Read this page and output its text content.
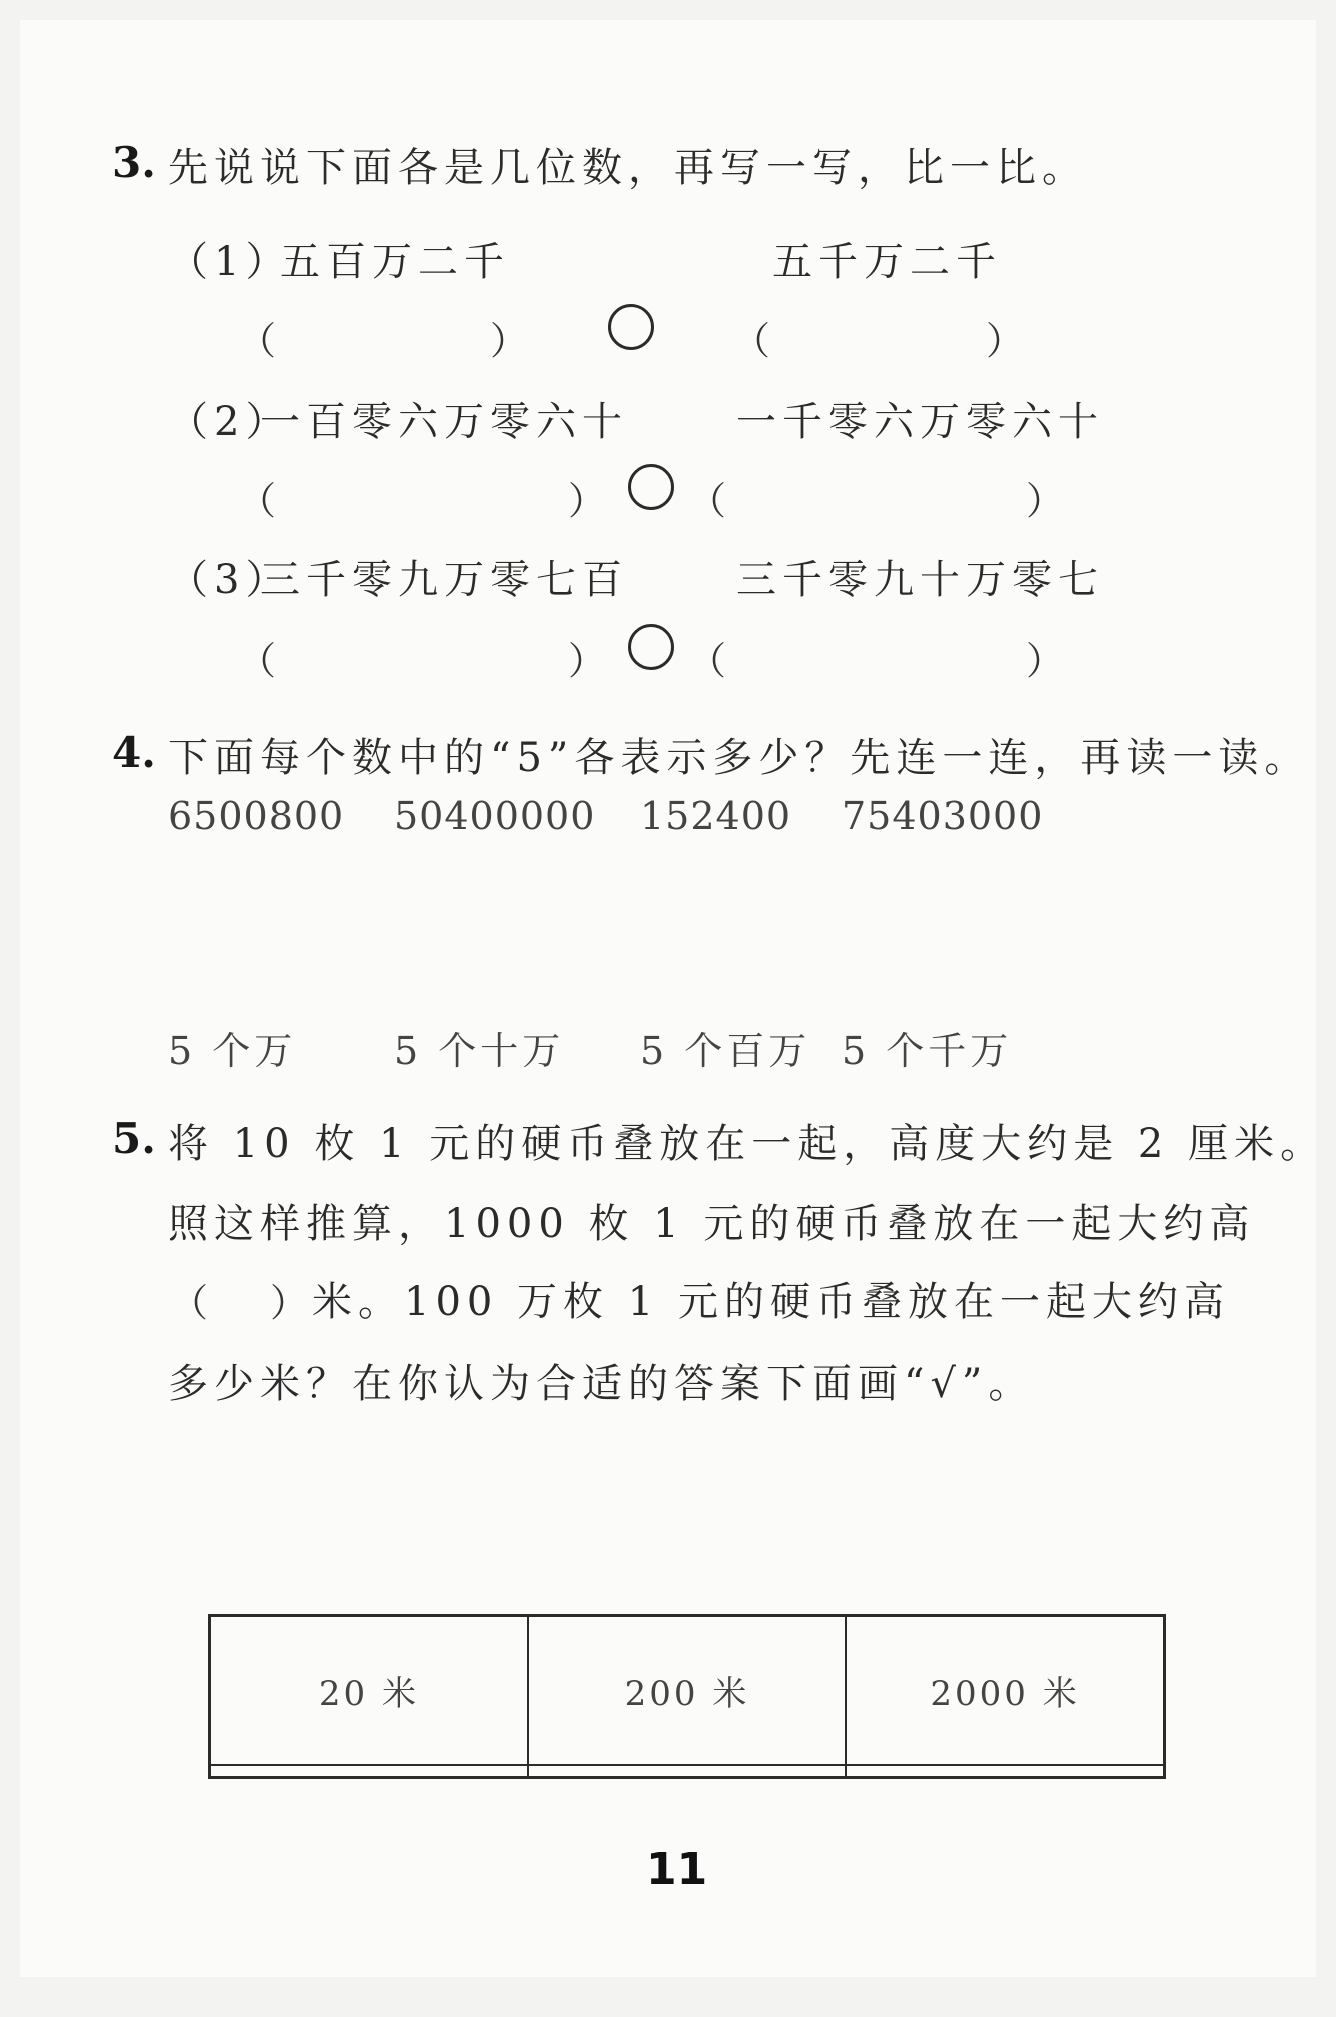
3. 先说说下面各是几位数，再写一写，比一比。
（1）
五百万二千	五千万二千
（	）	（	）
（2）
一百零六万零六十	一千零六万零六十
（	） （	）
（3）
三千零九万零七百	三千零九十万零七
（	） （	）
4. 下面每个数中的“5”各表示多少？先连一连，再读一读。
6500800 50400000 152400 75403000
5 个万	5 个十万 5 个百万 5 个千万
5. 将 10 枚 1 元的硬币叠放在一起，高度大约是 2 厘米。
照这样推算，1000 枚 1 元的硬币叠放在一起大约高
（ ） 米。100 万枚 1 元的硬币叠放在一起大约高
多少米？在你认为合适的答案下面画“√”。
20 米	200 米	2000 米

11
